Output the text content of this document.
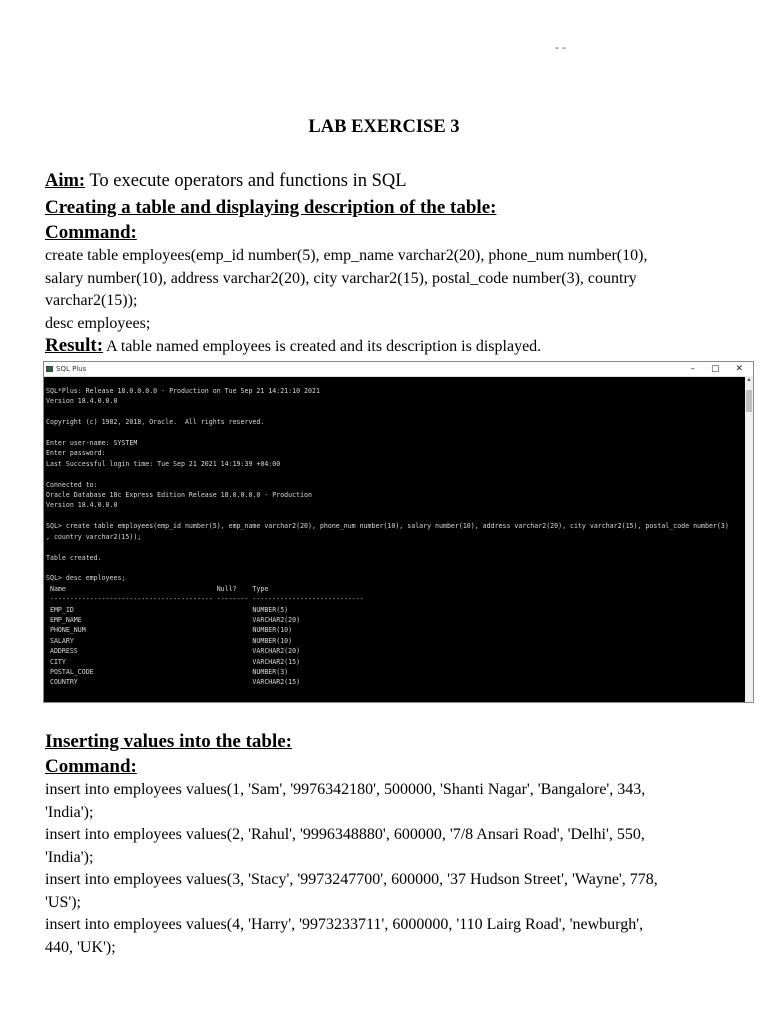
- -
LAB EXERCISE 3
Aim: To execute operators and functions in SQL
Creating a table and displaying description of the table:
Command:
create table employees(emp_id number(5), emp_name varchar2(20), phone_num number(10),
salary number(10), address varchar2(20), city varchar2(15), postal_code number(3), country
varchar2(15));
desc employees;
Result: A table named employees is created and its description is displayed.
SQL Plus	– ▢ ✕
SQL*Plus: Release 18.0.0.0.0 - Production on Tue Sep 21 14:21:10 2021
Version 18.4.0.0.0

Copyright (c) 1982, 2018, Oracle.  All rights reserved.

Enter user-name: SYSTEM
Enter password:
Last Successful login time: Tue Sep 21 2021 14:19:39 +04:00

Connected to:
Oracle Database 18c Express Edition Release 18.0.0.0.0 - Production
Version 18.4.0.0.0

SQL> create table employees(emp_id number(5), emp_name varchar2(20), phone_num number(10), salary number(10), address varchar2(20), city varchar2(15), postal_code number(3)
, country varchar2(15));

Table created.

SQL> desc employees;
Name                                      Null?    Type
----------------------------------------- -------- ----------------------------
EMP_ID                                             NUMBER(5)
EMP_NAME                                           VARCHAR2(20)
PHONE_NUM                                          NUMBER(10)
SALARY                                             NUMBER(10)
ADDRESS                                            VARCHAR2(20)
CITY                                               VARCHAR2(15)
POSTAL_CODE                                        NUMBER(3)
COUNTRY                                            VARCHAR2(15)
▲
Inserting values into the table:
Command:
insert into employees values(1, 'Sam', '9976342180', 500000, 'Shanti Nagar', 'Bangalore', 343,
'India');
insert into employees values(2, 'Rahul', '9996348880', 600000, '7/8 Ansari Road', 'Delhi', 550,
'India');
insert into employees values(3, 'Stacy', '9973247700', 600000, '37 Hudson Street', 'Wayne', 778,
'US');
insert into employees values(4, 'Harry', '9973233711', 6000000, '110 Lairg Road', 'newburgh',
440, 'UK');
